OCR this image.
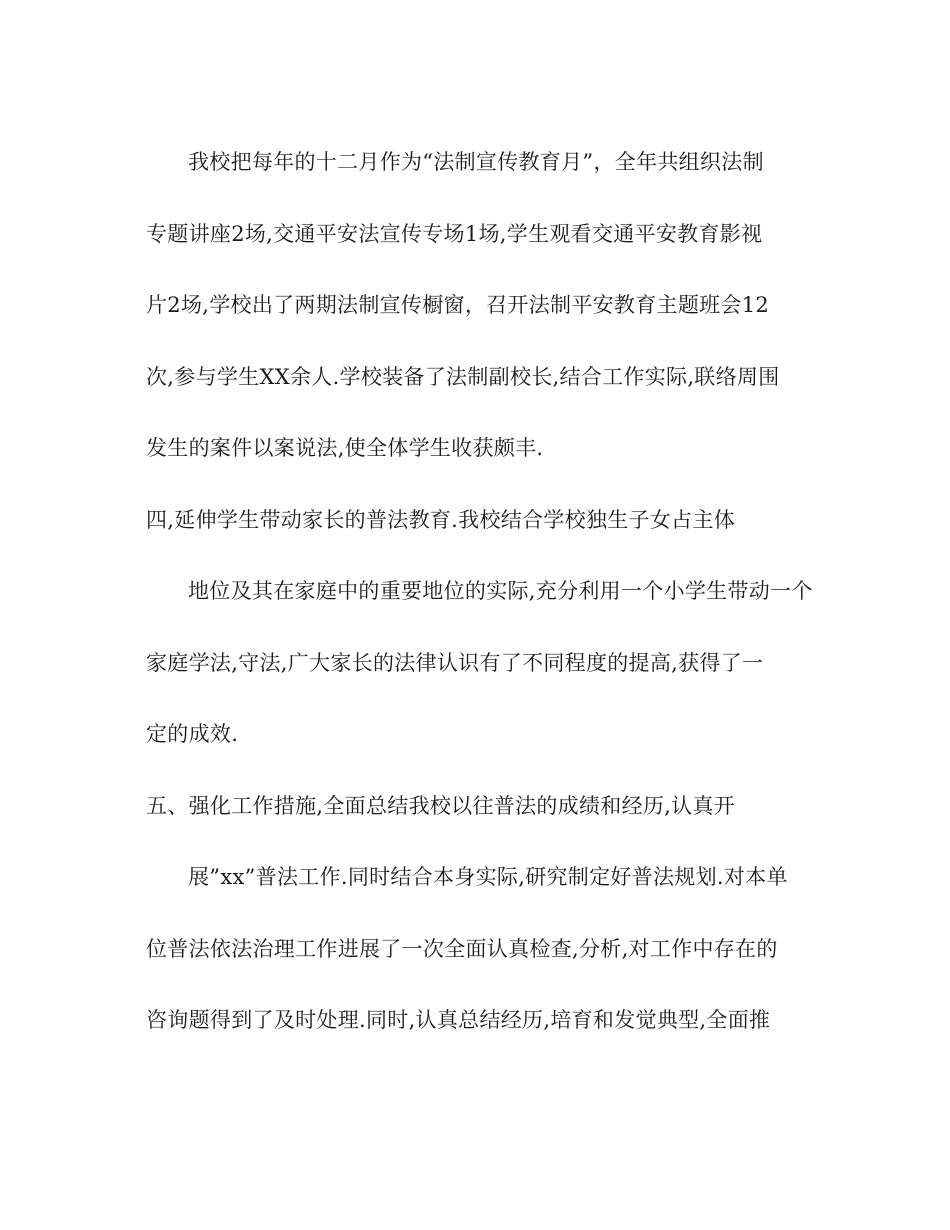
我校把每年的十二月作为“法制宣传教育月”，全年共组织法制
专题讲座2场,交通平安法宣传专场1场,学生观看交通平安教育影视
片2场,学校出了两期法制宣传橱窗，召开法制平安教育主题班会12
次,参与学生XX余人.学校装备了法制副校长,结合工作实际,联络周围
发生的案件以案说法,使全体学生收获颇丰.
四,延伸学生带动家长的普法教育.我校结合学校独生子女占主体
地位及其在家庭中的重要地位的实际,充分利用一个小学生带动一个
家庭学法,守法,广大家长的法律认识有了不同程度的提高,获得了一
定的成效.
五、强化工作措施,全面总结我校以往普法的成绩和经历,认真开
展”xx”普法工作.同时结合本身实际,研究制定好普法规划.对本单
位普法依法治理工作进展了一次全面认真检查,分析,对工作中存在的
咨询题得到了及时处理.同时,认真总结经历,培育和发觉典型,全面推
